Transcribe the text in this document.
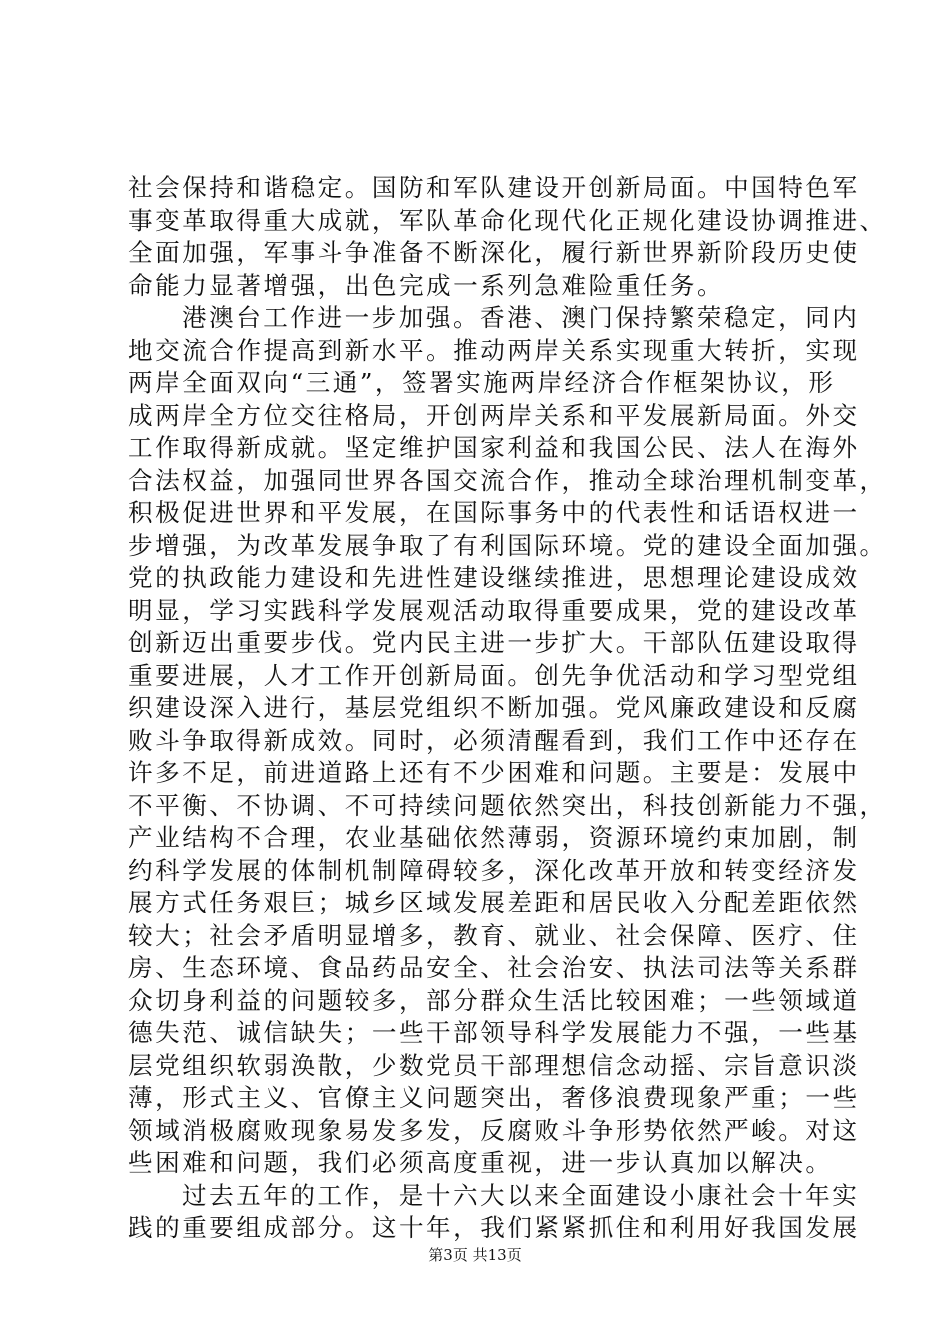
社会保持和谐稳定。国防和军队建设开创新局面。中国特色军
事变革取得重大成就，军队革命化现代化正规化建设协调推进、
全面加强，军事斗争准备不断深化，履行新世界新阶段历史使
命能力显著增强，出色完成一系列急难险重任务。
港澳台工作进一步加强。香港、澳门保持繁荣稳定，同内
地交流合作提高到新水平。推动两岸关系实现重大转折，实现
两岸全面双向“三通”，签署实施两岸经济合作框架协议，形
成两岸全方位交往格局，开创两岸关系和平发展新局面。外交
工作取得新成就。坚定维护国家利益和我国公民、法人在海外
合法权益，加强同世界各国交流合作，推动全球治理机制变革，
积极促进世界和平发展，在国际事务中的代表性和话语权进一
步增强，为改革发展争取了有利国际环境。党的建设全面加强。
党的执政能力建设和先进性建设继续推进，思想理论建设成效
明显，学习实践科学发展观活动取得重要成果，党的建设改革
创新迈出重要步伐。党内民主进一步扩大。干部队伍建设取得
重要进展，人才工作开创新局面。创先争优活动和学习型党组
织建设深入进行，基层党组织不断加强。党风廉政建设和反腐
败斗争取得新成效。同时，必须清醒看到，我们工作中还存在
许多不足，前进道路上还有不少困难和问题。主要是：发展中
不平衡、不协调、不可持续问题依然突出，科技创新能力不强，
产业结构不合理，农业基础依然薄弱，资源环境约束加剧，制
约科学发展的体制机制障碍较多，深化改革开放和转变经济发
展方式任务艰巨；城乡区域发展差距和居民收入分配差距依然
较大；社会矛盾明显增多，教育、就业、社会保障、医疗、住
房、生态环境、食品药品安全、社会治安、执法司法等关系群
众切身利益的问题较多，部分群众生活比较困难；一些领域道
德失范、诚信缺失；一些干部领导科学发展能力不强，一些基
层党组织软弱涣散，少数党员干部理想信念动摇、宗旨意识淡
薄，形式主义、官僚主义问题突出，奢侈浪费现象严重；一些
领域消极腐败现象易发多发，反腐败斗争形势依然严峻。对这
些困难和问题，我们必须高度重视，进一步认真加以解决。
过去五年的工作，是十六大以来全面建设小康社会十年实
践的重要组成部分。这十年，我们紧紧抓住和利用好我国发展
第3页 共13页
